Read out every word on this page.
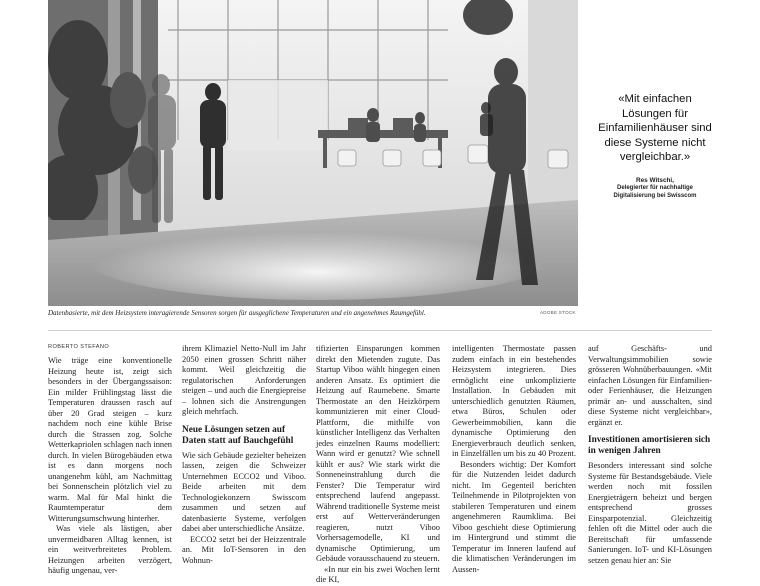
Datenbasierte, mit dem Heizsystem interagierende Sensoren sorgen für ausgeglichene Temperaturen und ein angenehmes Raumgefühl.	ADOBE STOCK
«Mit einfachen Lösungen für Einfamilienhäuser sind diese Systeme nicht vergleichbar.»
Res Witschi,
Delegierter für nachhaltige Digitalisierung bei Swisscom
ROBERTO STEFANO

Wie träge eine konventionelle Heizung heute ist, zeigt sich besonders in der Übergangssaison: Ein milder Frühlingstag lässt die Temperaturen draussen rasch auf über 20 Grad steigen – kurz nachdem noch eine kühle Brise durch die Strassen zog. Solche Wetterkapriolen schlagen nach innen durch. In vielen Bürogebäuden etwa ist es dann morgens noch unangenehm kühl, am Nachmittag bei Sonnenschein plötzlich viel zu warm. Mal für Mal hinkt die Raumtemperatur dem Witterungsumschwung hinterher.

Was viele als lästigen, aber unvermeidbaren Alltag kennen, ist ein weitverbreitetes Problem. Heizungen arbeiten verzögert, häufig ungenau, ver-

ihrem Klimaziel Netto-Null im Jahr 2050 einen grossen Schritt näher kommt. Weil gleichzeitig die regulatorischen Anforderungen steigen – und auch die Energiepreise – lohnen sich die Anstrengungen gleich mehrfach.

Neue Lösungen setzen auf Daten statt auf Bauchgefühl

Wie sich Gebäude gezielter beheizen lassen, zeigen die Schweizer Unternehmen ECCO2 und Viboo. Beide arbeiten mit dem Technologiekonzern Swisscom zusammen und setzen auf datenbasierte Systeme, verfolgen dabei aber unterschiedliche Ansätze.

ECCO2 setzt bei der Heizzentrale an. Mit IoT-Sensoren in den Wohnun-

tifizierten Einsparungen kommen direkt den Mietenden zugute. Das Startup Viboo wählt hingegen einen anderen Ansatz. Es optimiert die Heizung auf Raumebene. Smarte Thermostate an den Heizkörpern kommunizieren mit einer Cloud-Plattform, die mithilfe von künstlicher Intelligenz das Verhalten jedes einzelnen Raums modelliert: Wann wird er genutzt? Wie schnell kühlt er aus? Wie stark wirkt die Sonneneinstrahlung durch die Fenster? Die Temperatur wird entsprechend laufend angepasst. Während traditionelle Systeme meist erst auf Wetterveränderungen reagieren, nutzt Viboo Vorhersagemodelle, KI und dynamische Optimierung, um Gebäude vorausschauend zu steuern.

«In nur ein bis zwei Wochen lernt die KI,

intelligenten Thermostate passen zudem einfach in ein bestehendes Heizsystem integrieren. Dies ermöglicht eine unkomplizierte Installation. In Gebäuden mit unterschiedlich genutzten Räumen, etwa Büros, Schulen oder Gewerbeimmobilien, kann die dynamische Optimierung den Energieverbrauch deutlich senken, in Einzelfällen um bis zu 40 Prozent.

Besonders wichtig: Der Komfort für die Nutzenden leidet dadurch nicht. Im Gegenteil berichten Teilnehmende in Pilotprojekten von stabileren Temperaturen und einem angenehmeren Raumklima. Bei Viboo geschieht diese Optimierung im Hintergrund und stimmt die Temperatur im Inneren laufend auf die klimatischen Veränderungen im Aussen-

auf Geschäfts- und Verwaltungsimmobilien sowie grösseren Wohnüberbauungen. «Mit einfachen Lösungen für Einfamilien- oder Ferienhäuser, die Heizungen primär an- und ausschalten, sind diese Systeme nicht vergleichbar», ergänzt er.

Investitionen amortisieren sich in wenigen Jahren

Besonders interessant sind solche Systeme für Bestandsgebäude. Viele werden noch mit fossilen Energieträgern beheizt und bergen entsprechend grosses Einsparpotenzial. Gleichzeitig fehlen oft die Mittel oder auch die Bereitschaft für umfassende Sanierungen. IoT- und KI-Lösungen setzen genau hier an: Sie
